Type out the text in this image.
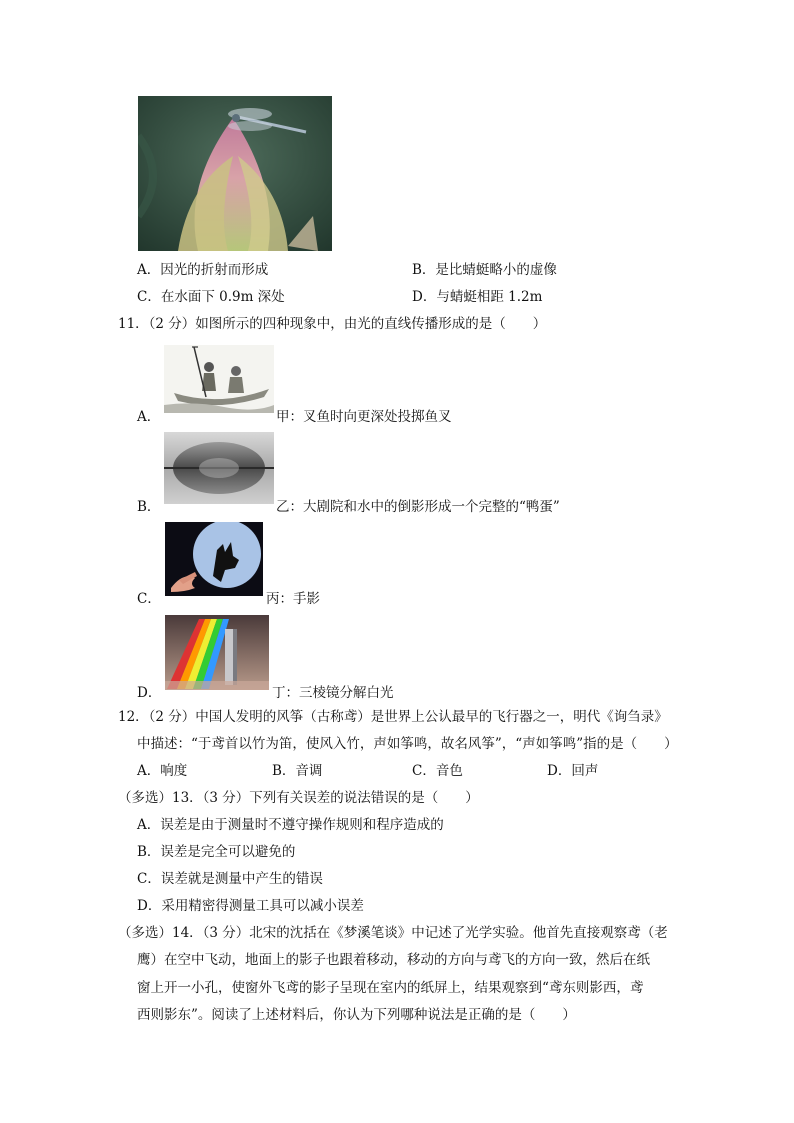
A．因光的折射而形成	B．是比蜻蜓略小的虚像
C．在水面下 0.9m 深处	D．与蜻蜓相距 1.2m
11．（2 分）如图所示的四种现象中，由光的直线传播形成的是（　　）
A．	甲：叉鱼时向更深处投掷鱼叉
B．	乙：大剧院和水中的倒影形成一个完整的“鸭蛋”
C．	丙：手影
D．	丁：三棱镜分解白光
12．（2 分）中国人发明的风筝（古称鸢）是世界上公认最早的飞行器之一，明代《询刍录》
中描述：“于鸢首以竹为笛，使风入竹，声如筝鸣，故名风筝”，“声如筝鸣”指的是（　　）
A．响度	B．音调	C．音色	D．回声
（多选）13．（3 分）下列有关误差的说法错误的是（　　）
A．误差是由于测量时不遵守操作规则和程序造成的
B．误差是完全可以避免的
C．误差就是测量中产生的错误
D．采用精密得测量工具可以减小误差
（多选）14．（3 分）北宋的沈括在《梦溪笔谈》中记述了光学实验。他首先直接观察鸢（老
鹰）在空中飞动，地面上的影子也跟着移动，移动的方向与鸢飞的方向一致，然后在纸
窗上开一小孔，使窗外飞鸢的影子呈现在室内的纸屏上，结果观察到“鸢东则影西，鸢
西则影东”。阅读了上述材料后，你认为下列哪种说法是正确的是（　　）
